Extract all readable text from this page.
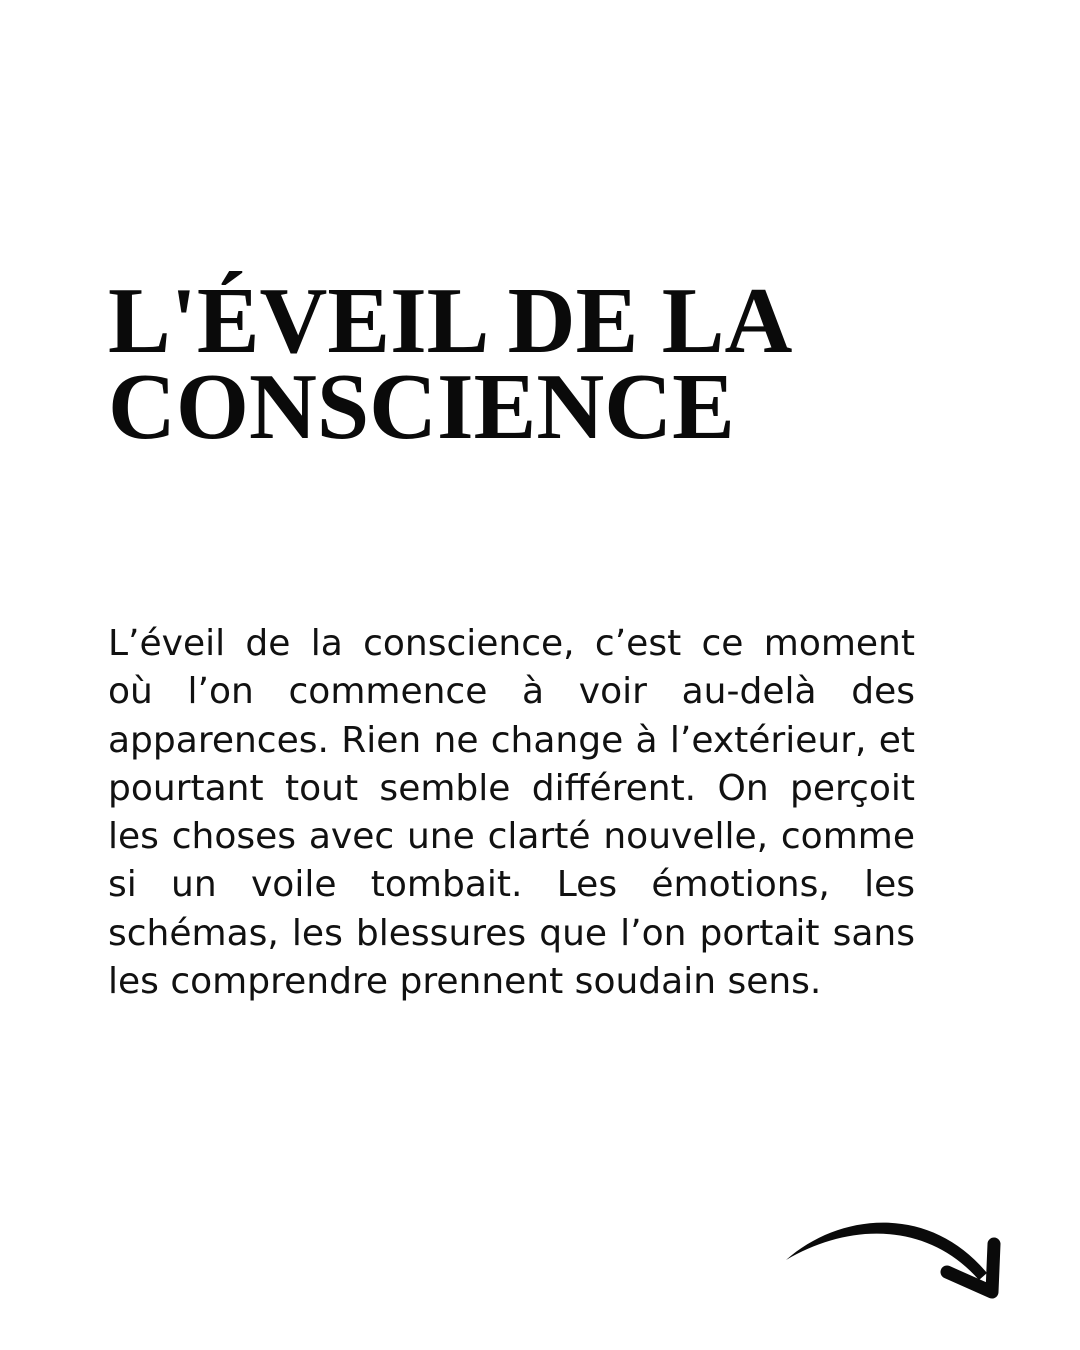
L'ÉVEIL DE LA
CONSCIENCE

L’éveil de la conscience, c’est ce moment où l’on commence à voir au-delà des apparences. Rien ne change à l’extérieur, et pourtant tout semble différent. On perçoit les choses avec une clarté nouvelle, comme si un voile tombait. Les émotions, les schémas, les blessures que l’on portait sans les comprendre prennent soudain sens.
